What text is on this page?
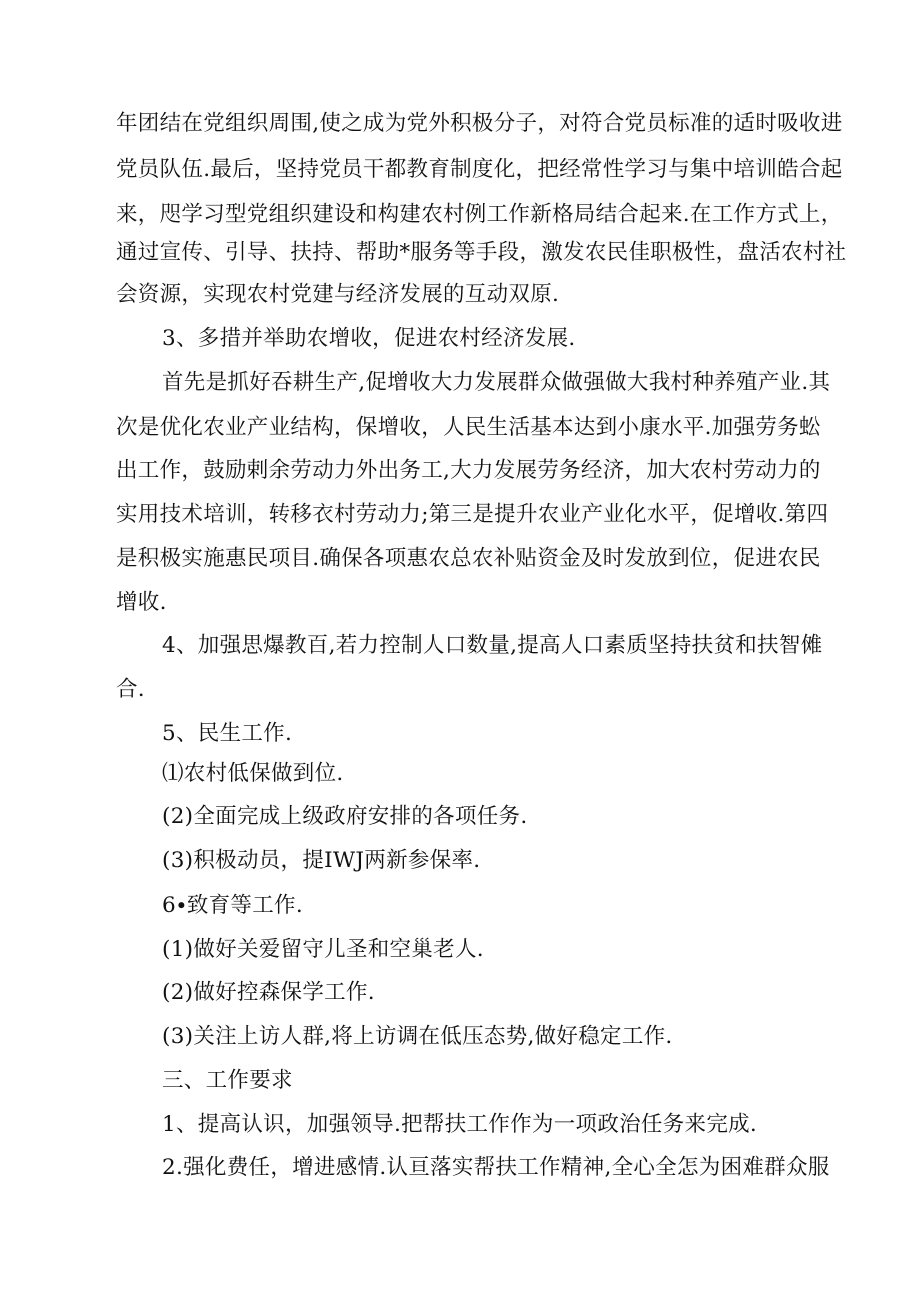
年团结在党组织周围,使之成为党外积极分子，对符合党员标准的适时吸收进
党员队伍.最后，坚持党员干都教育制度化，把经常性学习与集中培训皓合起
来，咫学习型党组织建设和构建农村例工作新格局结合起来.在工作方式上，
通过宣传、引导、扶持、帮助*服务等手段，激发农民佳职极性，盘活农村社
会资源，实现农村党建与经济发展的互动双原.
3、多措并举助农增收，促进农村经济发展.
首先是抓好吞耕生产,促增收大力发展群众做强做大我村种养殖产业.其
次是优化农业产业结构，保增收，人民生活基本达到小康水平.加强劳务蚣
出工作，鼓励剌余劳动力外出务工,大力发展劳务经济，加大农村劳动力的
实用技术培训，转移衣村劳动力;第三是提升农业产业化水平，促增收.第四
是积极实施惠民项目.确保各项惠农总农补贴资金及时发放到位，促进农民
增收.
4、加强思爆教百,若力控制人口数量,提高人口素质坚持扶贫和扶智傩
合.
5、民生工作.
⑴农村低保做到位.
(2)全面完成上级政府安排的各项任务.
(3)积极动员，提IWJ两新参保率.
6∙致育等工作.
(1)做好关爱留守儿圣和空巢老人.
(2)做好控森保学工作.
(3)关注上访人群,将上访调在低压态势,做好稳定工作.
三、工作要求
1、提高认识，加强领导.把帮扶工作作为一项政治任务来完成.
2.强化费任，增进感情.认亘落实帮扶工作精神,全心全怎为困难群众服
